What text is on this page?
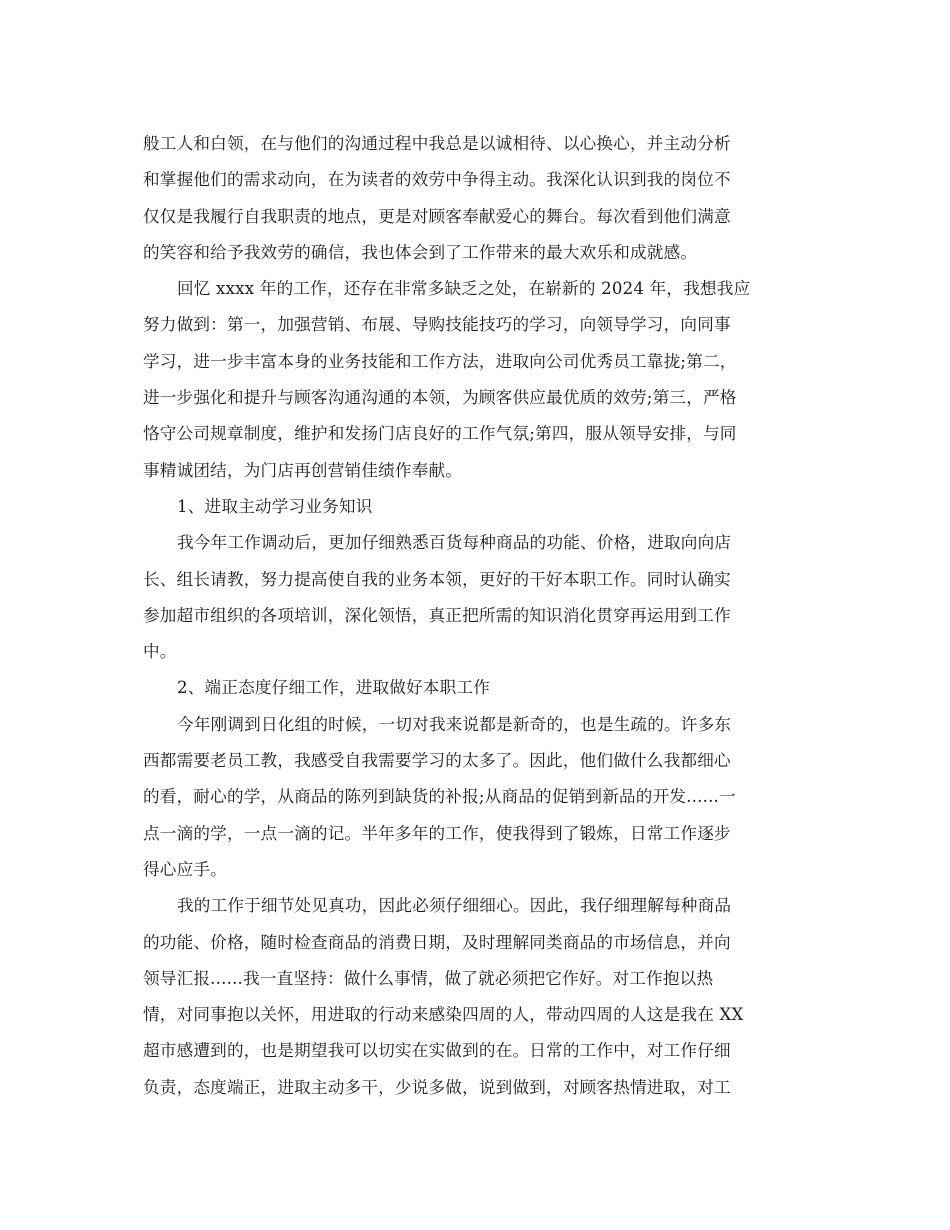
般工人和白领，在与他们的沟通过程中我总是以诚相待、以心换心，并主动分析
和掌握他们的需求动向，在为读者的效劳中争得主动。我深化认识到我的岗位不
仅仅是我履行自我职责的地点，更是对顾客奉献爱心的舞台。每次看到他们满意
的笑容和给予我效劳的确信，我也体会到了工作带来的最大欢乐和成就感。
回忆 xxxx 年的工作，还存在非常多缺乏之处，在崭新的 2024 年，我想我应
努力做到：第一，加强营销、布展、导购技能技巧的学习，向领导学习，向同事
学习，进一步丰富本身的业务技能和工作方法，进取向公司优秀员工靠拢;第二，
进一步强化和提升与顾客沟通沟通的本领，为顾客供应最优质的效劳;第三，严格
恪守公司规章制度，维护和发扬门店良好的工作气氛;第四，服从领导安排，与同
事精诚团结，为门店再创营销佳绩作奉献。
1、进取主动学习业务知识
我今年工作调动后，更加仔细熟悉百货每种商品的功能、价格，进取向向店
长、组长请教，努力提高使自我的业务本领，更好的干好本职工作。同时认确实
参加超市组织的各项培训，深化领悟，真正把所需的知识消化贯穿再运用到工作
中。
2、端正态度仔细工作，进取做好本职工作
今年刚调到日化组的时候，一切对我来说都是新奇的，也是生疏的。许多东
西都需要老员工教，我感受自我需要学习的太多了。因此，他们做什么我都细心
的看，耐心的学，从商品的陈列到缺货的补报;从商品的促销到新品的开发......一
点一滴的学，一点一滴的记。半年多年的工作，使我得到了锻炼，日常工作逐步
得心应手。
我的工作于细节处见真功，因此必须仔细细心。因此，我仔细理解每种商品
的功能、价格，随时检查商品的消费日期，及时理解同类商品的市场信息，并向
领导汇报......我一直坚持：做什么事情，做了就必须把它作好。对工作抱以热
情，对同事抱以关怀，用进取的行动来感染四周的人，带动四周的人这是我在 XX
超市感遭到的，也是期望我可以切实在实做到的在。日常的工作中，对工作仔细
负责，态度端正，进取主动多干，少说多做，说到做到，对顾客热情进取，对工
